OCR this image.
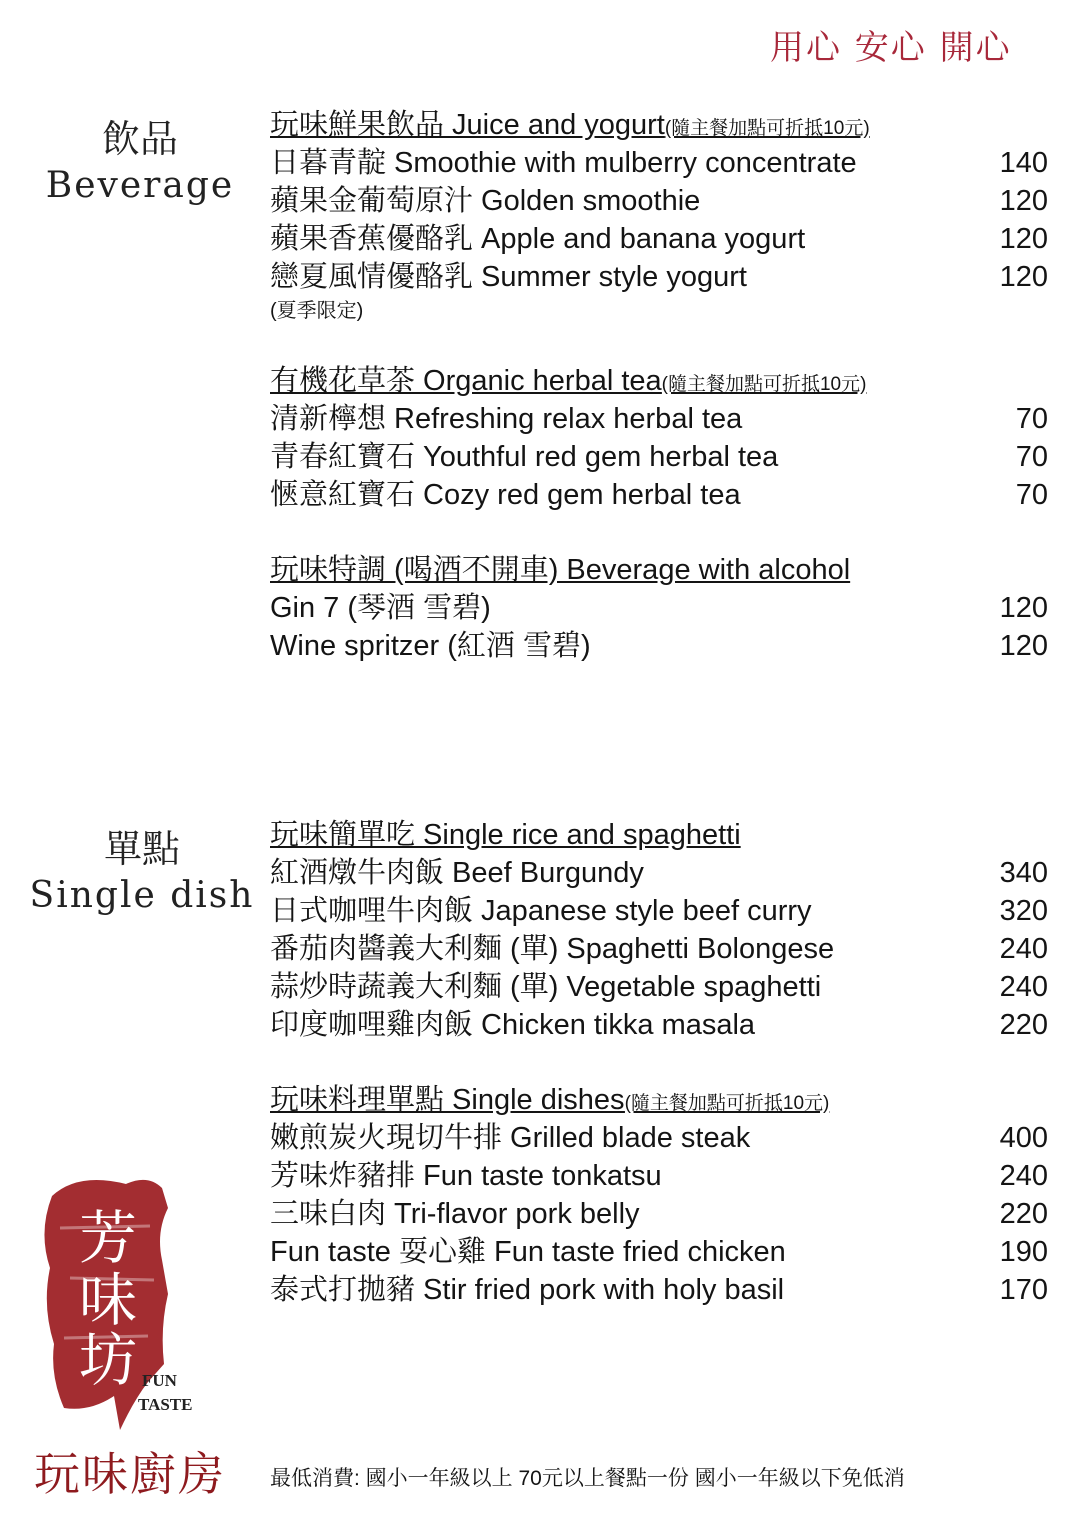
用心 安心 開心
飲品
Beverage
單點
Single dish
玩味鮮果飲品 Juice and yogurt(隨主餐加點可折抵10元)
日暮青靛 Smoothie with mulberry concentrate	140
蘋果金葡萄原汁 Golden smoothie	120
蘋果香蕉優酪乳 Apple and banana yogurt	120
戀夏風情優酪乳 Summer style yogurt	120
(夏季限定)
有機花草茶 Organic herbal tea(隨主餐加點可折抵10元)
清新檸想 Refreshing relax herbal tea	70
青春紅寶石 Youthful red gem herbal tea	70
愜意紅寶石 Cozy red gem herbal tea	70
玩味特調 (喝酒不開車) Beverage with alcohol
Gin 7 (琴酒 雪碧)	120
Wine spritzer (紅酒 雪碧)	120
玩味簡單吃 Single rice and spaghetti
紅酒燉牛肉飯 Beef Burgundy	340
日式咖哩牛肉飯 Japanese style beef curry	320
番茄肉醬義大利麵 (單) Spaghetti Bolongese	240
蒜炒時蔬義大利麵 (單) Vegetable spaghetti	240
印度咖哩雞肉飯 Chicken tikka masala	220
玩味料理單點 Single dishes(隨主餐加點可折抵10元)
嫩煎炭火現切牛排 Grilled blade steak	400
芳味炸豬排 Fun taste tonkatsu	240
三味白肉 Tri-flavor pork belly	220
Fun taste 耍心雞 Fun taste fried chicken	190
泰式打拋豬 Stir fried pork with holy basil	170
芳
味
坊 FUN
TASTE
玩味廚房 最低消費: 國小一年級以上 70元以上餐點一份 國小一年級以下免低消
